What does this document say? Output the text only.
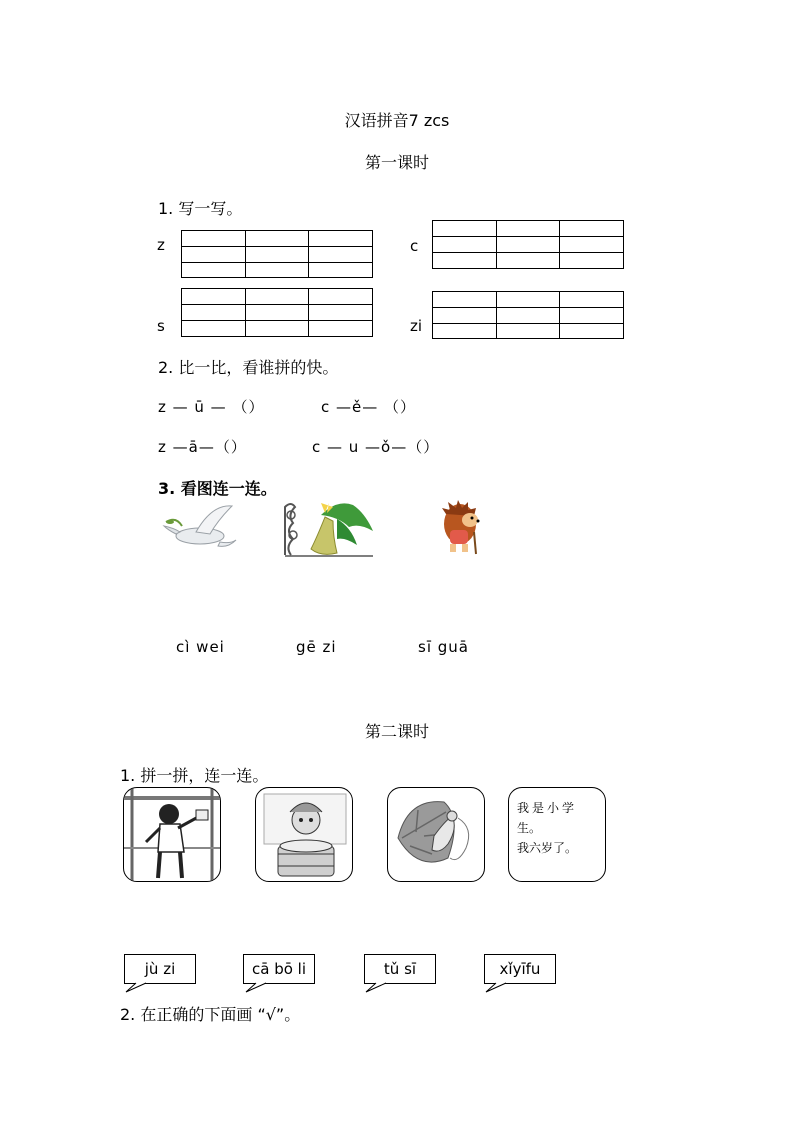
汉语拼音7 zcs
第一课时
1. 写一写。
z	c
s	zi
2. 比一比，看谁拼的快。
z — ū — （）	c —ě— （）
z —ā—（）	c — u —ǒ—（）
3. 看图连一连。
cì wei	gē zi	sī guā
第二课时
1. 拼一拼，连一连。
我是小学
生。
我六岁了。
jù zi	cā bō li	tǔ sī	xǐyīfu
2. 在正确的下面画 “√”。
